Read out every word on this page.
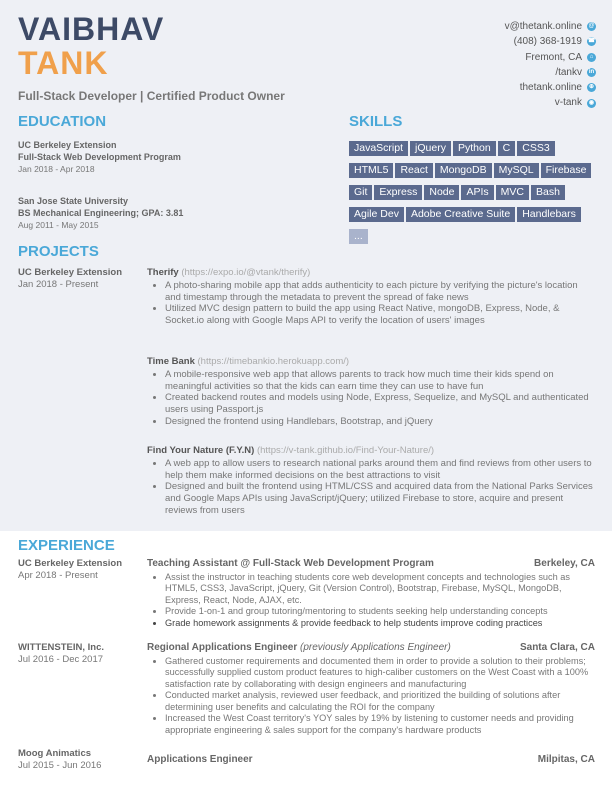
VAIBHAV
TANK
Full-Stack Developer | Certified Product Owner
v@thetank.online @
(408) 368-1919 ☎
Fremont, CA	⌂
/tankv	in
thetank.online	⊕
v-tank	◉
EDUCATION
UC Berkeley Extension
Full-Stack Web Development Program
Jan 2018 - Apr 2018
San Jose State University
BS Mechanical Engineering; GPA: 3.81
Aug 2011 - May 2015
SKILLS
JavaScript jQuery Python C CSS3HTML5 React MongoDB MySQL FirebaseGit Express Node APIs MVC BashAgile Dev Adobe Creative Suite Handlebars...
PROJECTS
UC Berkeley Extension
Jan 2018 - Present
Therify (https://expo.io/@vtank/therify)
• A photo-sharing mobile app that adds authenticity to each picture by verifying the picture's location and timestamp through the metadata to prevent the spread of fake news
• Utilized MVC design pattern to build the app using React Native, mongoDB, Express, Node, & Socket.io along with Google Maps API to verify the location of users' images
Time Bank (https://timebankio.herokuapp.com/)
• A mobile-responsive web app that allows parents to track how much time their kids spend on meaningful activities so that the kids can earn time they can use to have fun
• Created backend routes and models using Node, Express, Sequelize, and MySQL and authenticated users using Passport.js
• Designed the frontend using Handlebars, Bootstrap, and jQuery
Find Your Nature (F.Y.N) (https://v-tank.github.io/Find-Your-Nature/)
• A web app to allow users to research national parks around them and find reviews from other users to help them make informed decisions on the best attractions to visit
• Designed and built the frontend using HTML/CSS and acquired data from the National Parks Services and Google Maps APIs using JavaScript/jQuery; utilized Firebase to store, acquire and present reviews from users
EXPERIENCE
UC Berkeley Extension
Apr 2018 - Present
Teaching Assistant @ Full-Stack Web Development Program	Berkeley, CA
• Assist the instructor in teaching students core web development concepts and technologies such as HTML5, CSS3, JavaScript, jQuery, Git (Version Control), Bootstrap, Firebase, MySQL, MongoDB, Express, React, Node, AJAX, etc.
• Provide 1-on-1 and group tutoring/mentoring to students seeking help understanding concepts
• Grade homework assignments & provide feedback to help students improve coding practices
WITTENSTEIN, Inc.
Jul 2016 - Dec 2017
Regional Applications Engineer (previously Applications Engineer)	Santa Clara, CA
• Gathered customer requirements and documented them in order to provide a solution to their problems; successfully supplied custom product features to high-caliber customers on the West Coast with a 100% satisfaction rate by collaborating with design engineers and manufacturing
• Conducted market analysis, reviewed user feedback, and prioritized the building of solutions after determining user benefits and calculating the ROI for the company
• Increased the West Coast territory's YOY sales by 19% by listening to customer needs and providing appropriate engineering & sales support for the company's hardware products
Moog Animatics
Jul 2015 - Jun 2016
Applications Engineer	Milpitas, CA
